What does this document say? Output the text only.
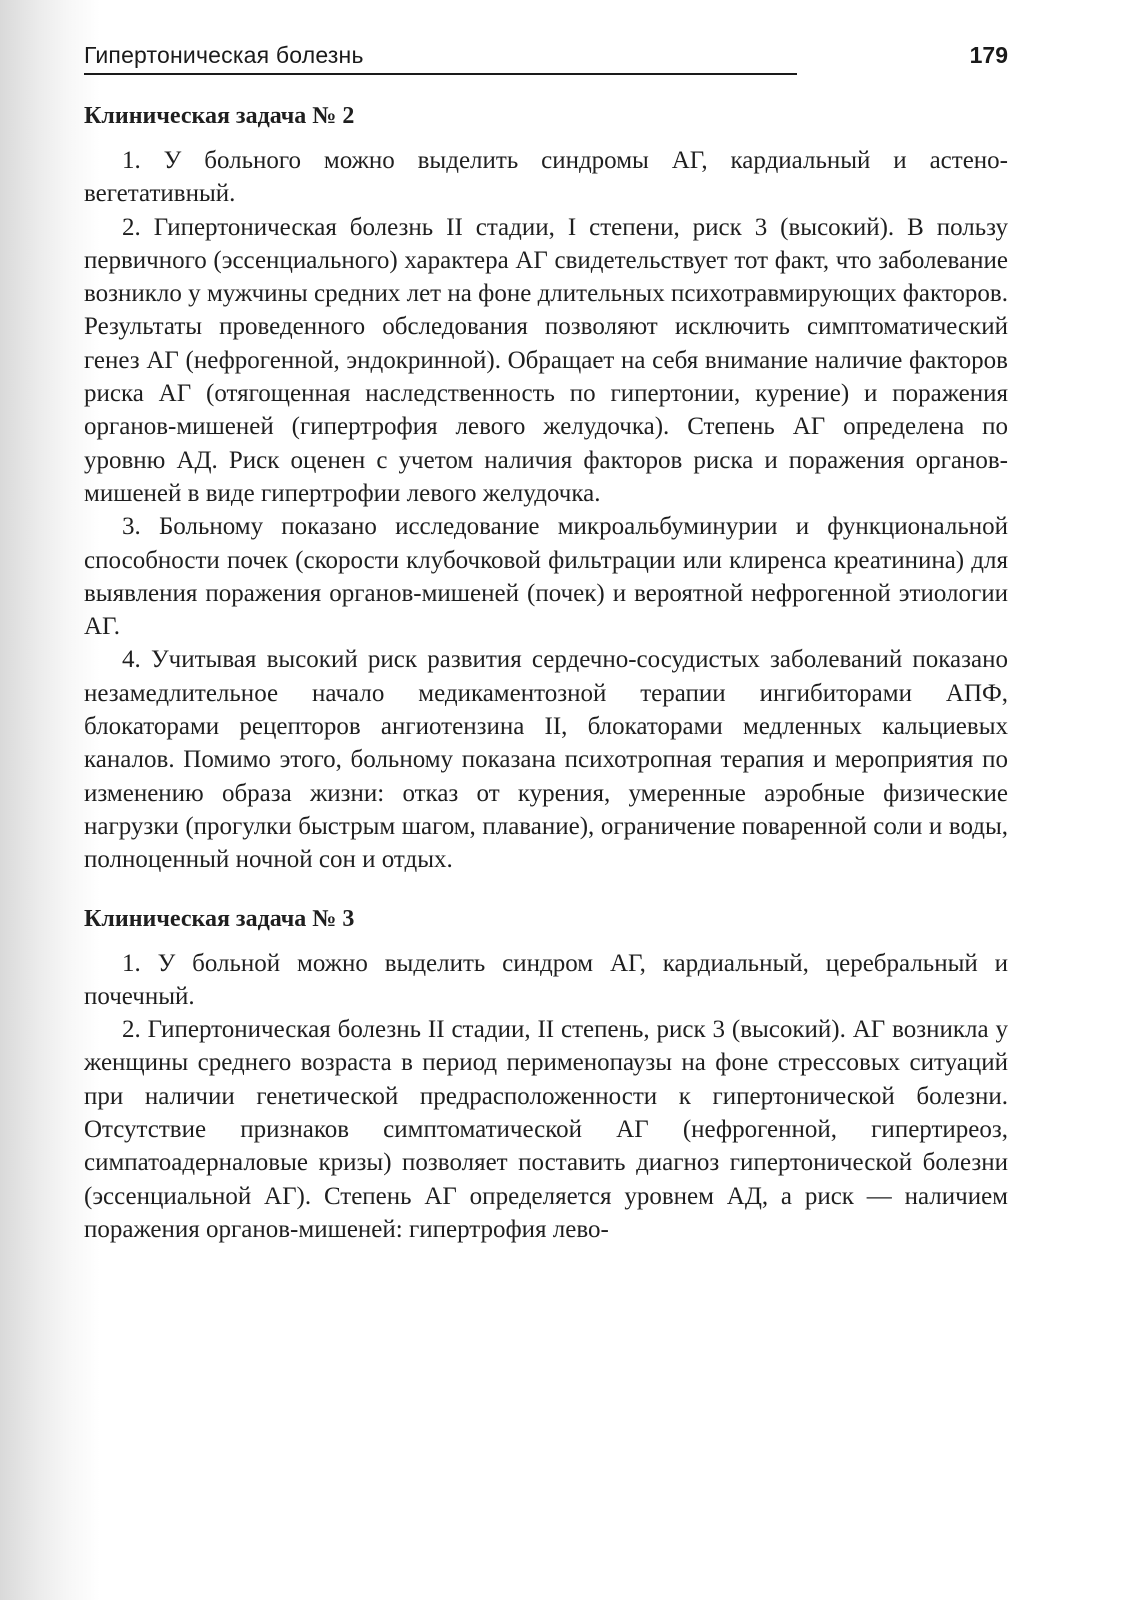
Гипертоническая болезнь	179
Клиническая задача № 2

1. У больного можно выделить синдромы АГ, кардиальный и астено-вегетативный.

2. Гипертоническая болезнь II стадии, I степени, риск 3 (высокий). В пользу первичного (эссенциального) характера АГ свидетельствует тот факт, что заболевание возникло у мужчины средних лет на фоне длительных психотравмирующих факторов. Результаты проведенного обследования позволяют исключить симптоматический генез АГ (нефрогенной, эндокринной). Обращает на себя внимание наличие факторов риска АГ (отягощенная наследственность по гипертонии, курение) и поражения органов-мишеней (гипертрофия левого желудочка). Степень АГ определена по уровню АД. Риск оценен с учетом наличия факторов риска и поражения органов-мишеней в виде гипертрофии левого желудочка.

3. Больному показано исследование микроальбуминурии и функциональной способности почек (скорости клубочковой фильтрации или клиренса креатинина) для выявления поражения органов-мишеней (почек) и вероятной нефрогенной этиологии АГ.

4. Учитывая высокий риск развития сердечно-сосудистых заболеваний показано незамедлительное начало медикаментозной терапии ингибиторами АПФ, блокаторами рецепторов ангиотензина II, блокаторами медленных кальциевых каналов. Помимо этого, больному показана психотропная терапия и мероприятия по изменению образа жизни: отказ от курения, умеренные аэробные физические нагрузки (прогулки быстрым шагом, плавание), ограничение поваренной соли и воды, полноценный ночной сон и отдых.

Клиническая задача № 3

1. У больной можно выделить синдром АГ, кардиальный, церебральный и почечный.

2. Гипертоническая болезнь II стадии, II степень, риск 3 (высокий). АГ возникла у женщины среднего возраста в период перименопаузы на фоне стрессовых ситуаций при наличии генетической предрасположенности к гипертонической болезни. Отсутствие признаков симптоматической АГ (нефрогенной, гипертиреоз, симпатоадерналовые кризы) позволяет поставить диагноз гипертонической болезни (эссенциальной АГ). Степень АГ определяется уровнем АД, а риск — наличием поражения органов-мишеней: гипертрофия лево-
